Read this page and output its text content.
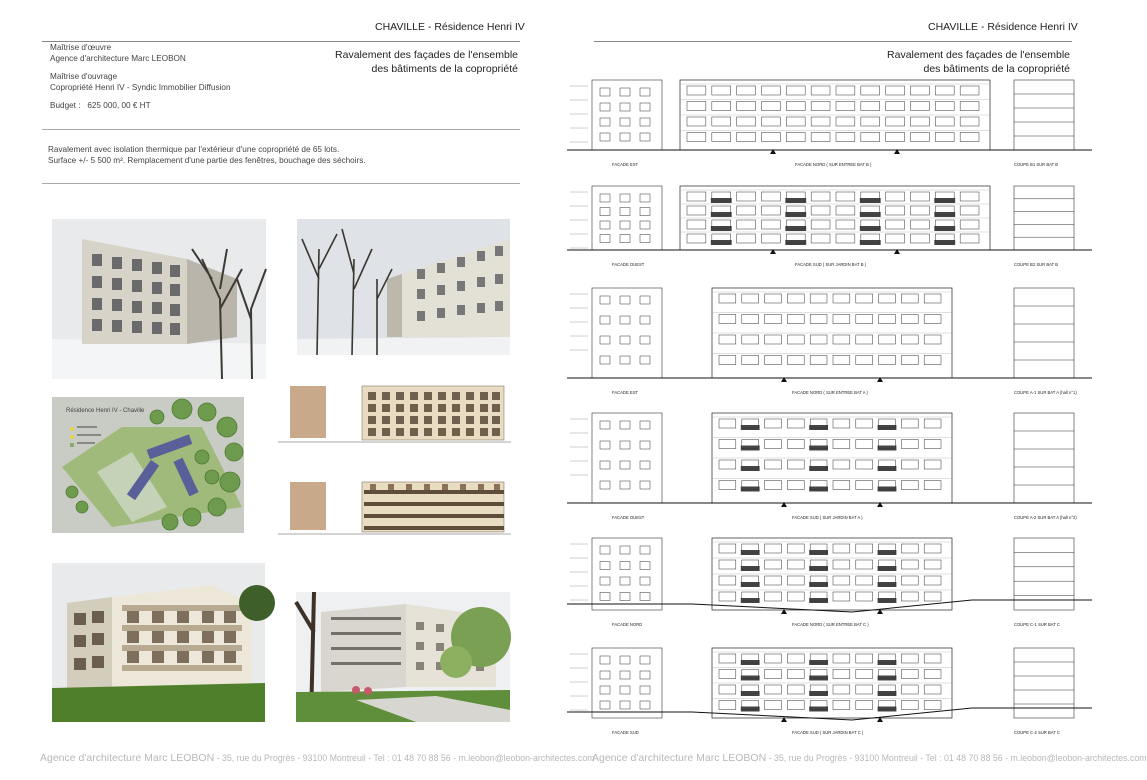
CHAVILLE - Résidence Henri IV
Maîtrise d'œuvre
Agence d'architecture Marc LEOBON
Maîtrise d'ouvrage
Copropriété Henri IV - Syndic Immobilier Diffusion
Budget : 625 000, 00 € HT
Ravalement des façades de l'ensemble
des bâtiments de la copropriété
Ravalement avec isolation thermique par l'extérieur d'une copropriété de 65 lots.
Surface +/- 5 500 m². Remplacement d'une partie des fenêtres, bouchage des séchoirs.
Résidence Henri IV - Chaville
Agence d'architecture Marc LEOBON - 35, rue du Progrès - 93100 Montreuil - Tel : 01 48 70 88 56 - m.leobon@leobon-architectes.com
CHAVILLE - Résidence Henri IV
Ravalement des façades de l'ensemble
des bâtiments de la copropriété
FACADE EST	FACADE NORD ( SUR ENTREE BAT B )	COUPE B1 SUR BAT B
FACADE OUEST	FACADE SUD ( SUR JARDIN BAT B )	COUPE B2 SUR BAT B
FACADE EST	FACADE NORD ( SUR ENTREE BAT A )	COUPE A-1 SUR BAT A (hall n°1)
FACADE OUEST	FACADE SUD ( SUR JARDIN BAT A )	COUPE A-2 SUR BAT A (hall n°2)
FACADE NORD	FACADE NORD ( SUR ENTREE BAT C )	COUPE C-1 SUR BAT C
FACADE SUD	FACADE SUD ( SUR JARDIN BAT C )	COUPE C-2 SUR BAT C
Agence d'architecture Marc LEOBON - 35, rue du Progrès - 93100 Montreuil - Tel : 01 48 70 88 56 - m.leobon@leobon-architectes.com
